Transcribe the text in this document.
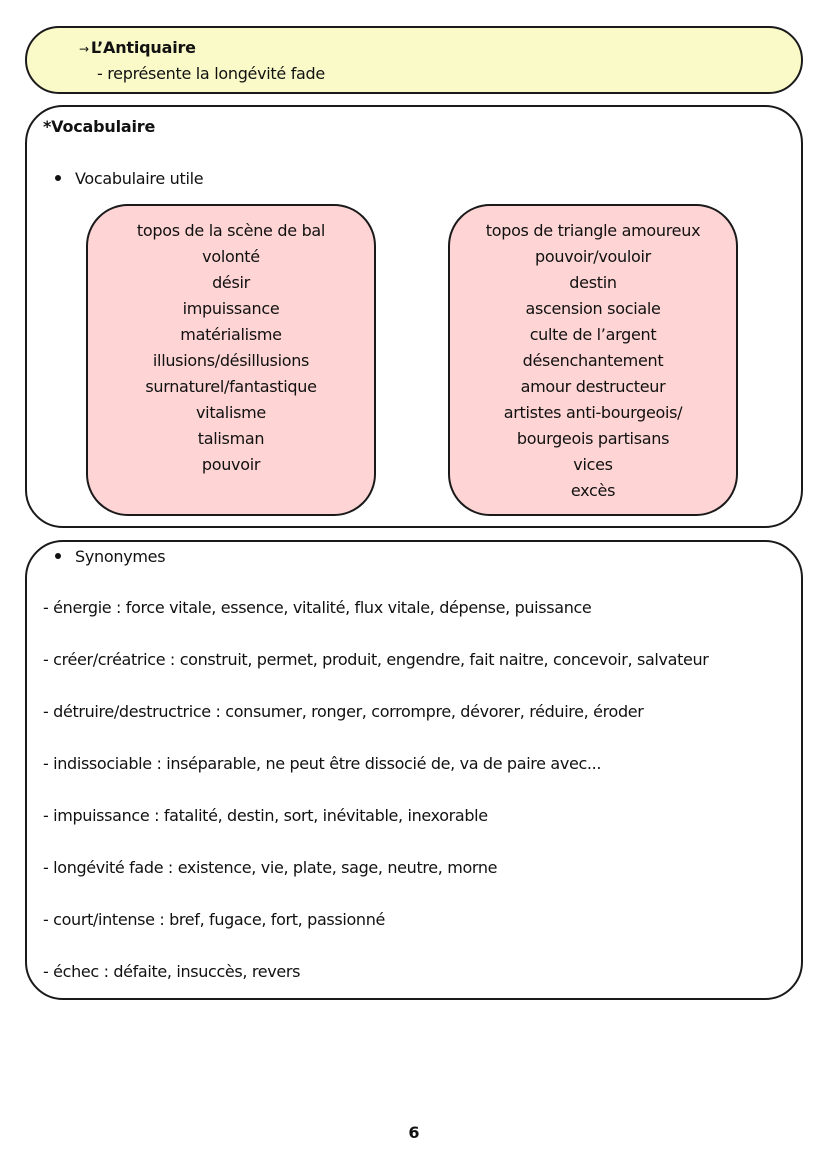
→ L’Antiquaire
- représente la longévité fade
*Vocabulaire
Vocabulaire utile
topos de la scène de bal
volonté
désir
impuissance
matérialisme
illusions/désillusions
surnaturel/fantastique
vitalisme
talisman
pouvoir
topos de triangle amoureux
pouvoir/vouloir
destin
ascension sociale
culte de l’argent
désenchantement
amour destructeur
artistes anti-bourgeois/
bourgeois partisans
vices
excès
Synonymes
- énergie : force vitale, essence, vitalité, flux vitale, dépense, puissance
- créer/créatrice : construit, permet, produit, engendre, fait naitre, concevoir, salvateur
- détruire/destructrice : consumer, ronger, corrompre, dévorer, réduire, éroder
- indissociable : inséparable, ne peut être dissocié de, va de paire avec...
- impuissance : fatalité, destin, sort, inévitable, inexorable
- longévité fade : existence, vie, plate, sage, neutre, morne
- court/intense : bref, fugace, fort, passionné
- échec : défaite, insuccès, revers
6
